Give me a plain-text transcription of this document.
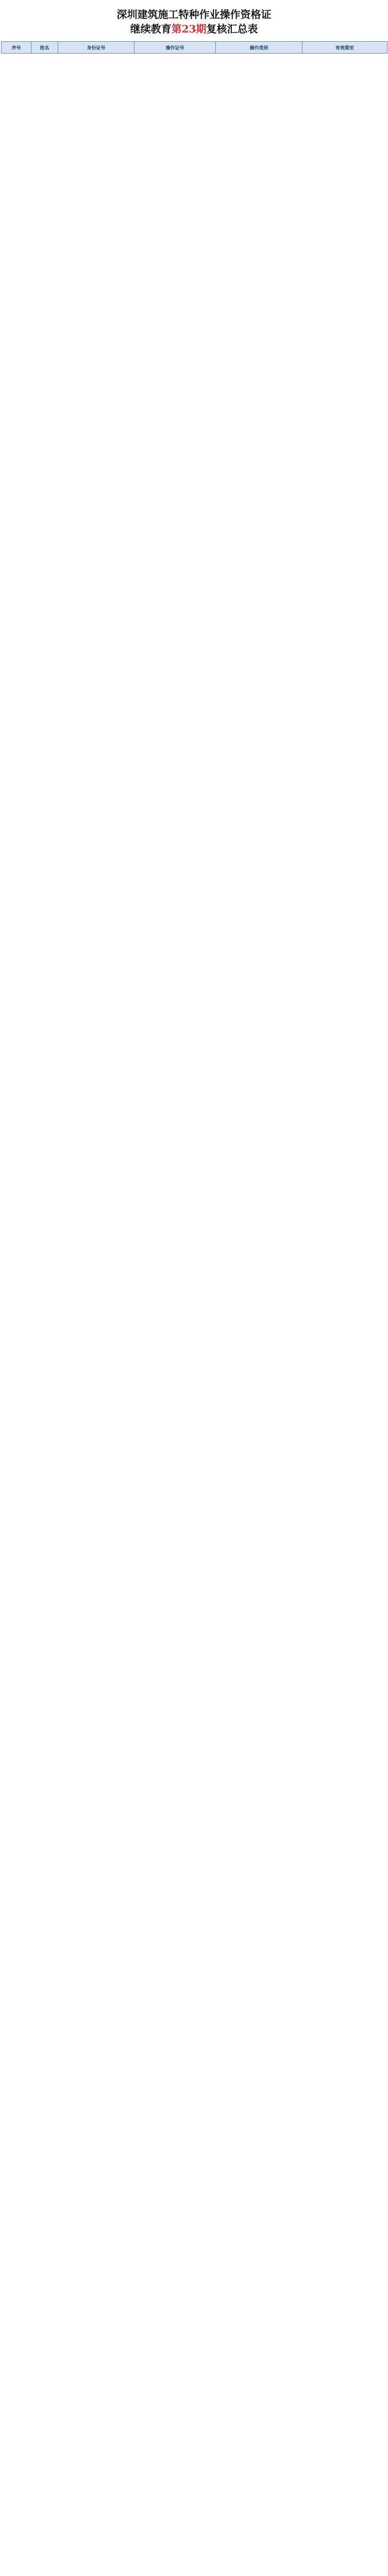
深圳建筑施工特种作业操作资格证

继续教育第23期复核汇总表

序号	姓名	身份证号	操作证号	操作类别	有效期至
